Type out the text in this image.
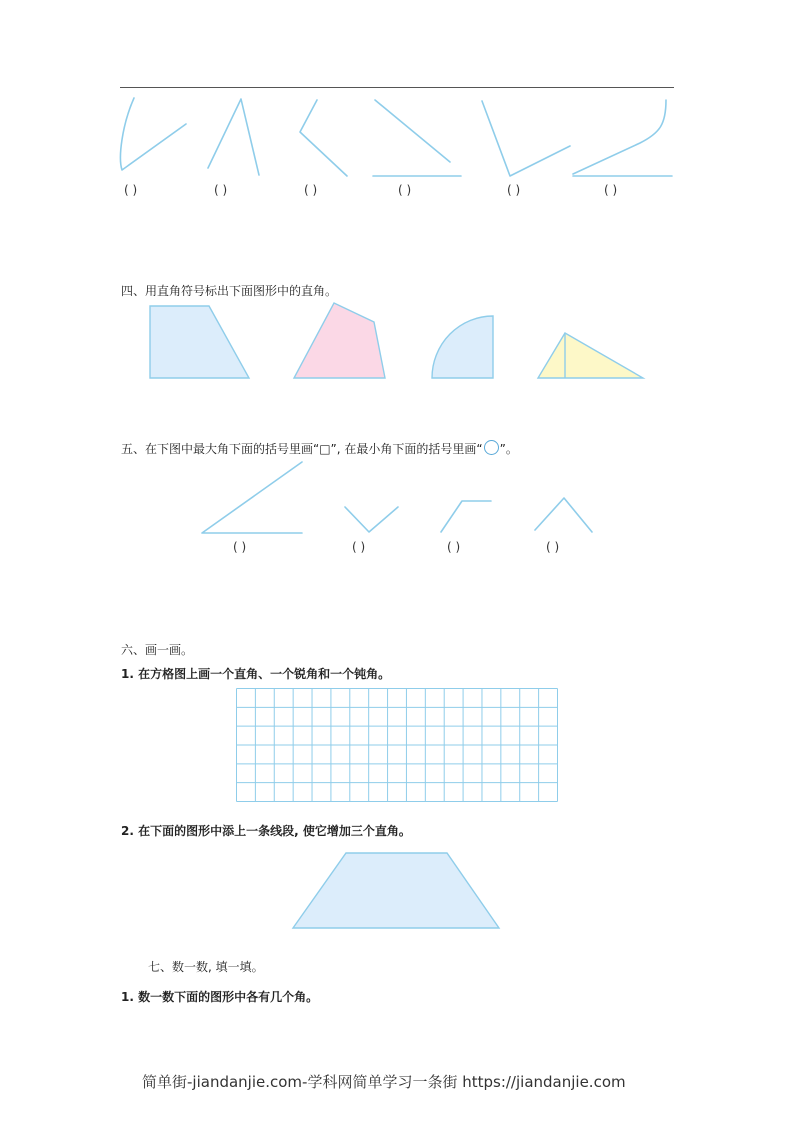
( )	( )	( )	( )	( )	( )
四、用直角符号标出下面图形中的直角。
五、在下图中最大角下面的括号里画“□”, 在最小角下面的括号里画“ ”。
( )	( )	( )	( )
六、画一画。
1. 在方格图上画一个直角、一个锐角和一个钝角。
2. 在下面的图形中添上一条线段, 使它增加三个直角。
七、数一数, 填一填。
1. 数一数下面的图形中各有几个角。
简单街-jiandanjie.com-学科网简单学习一条街 https://jiandanjie.com
